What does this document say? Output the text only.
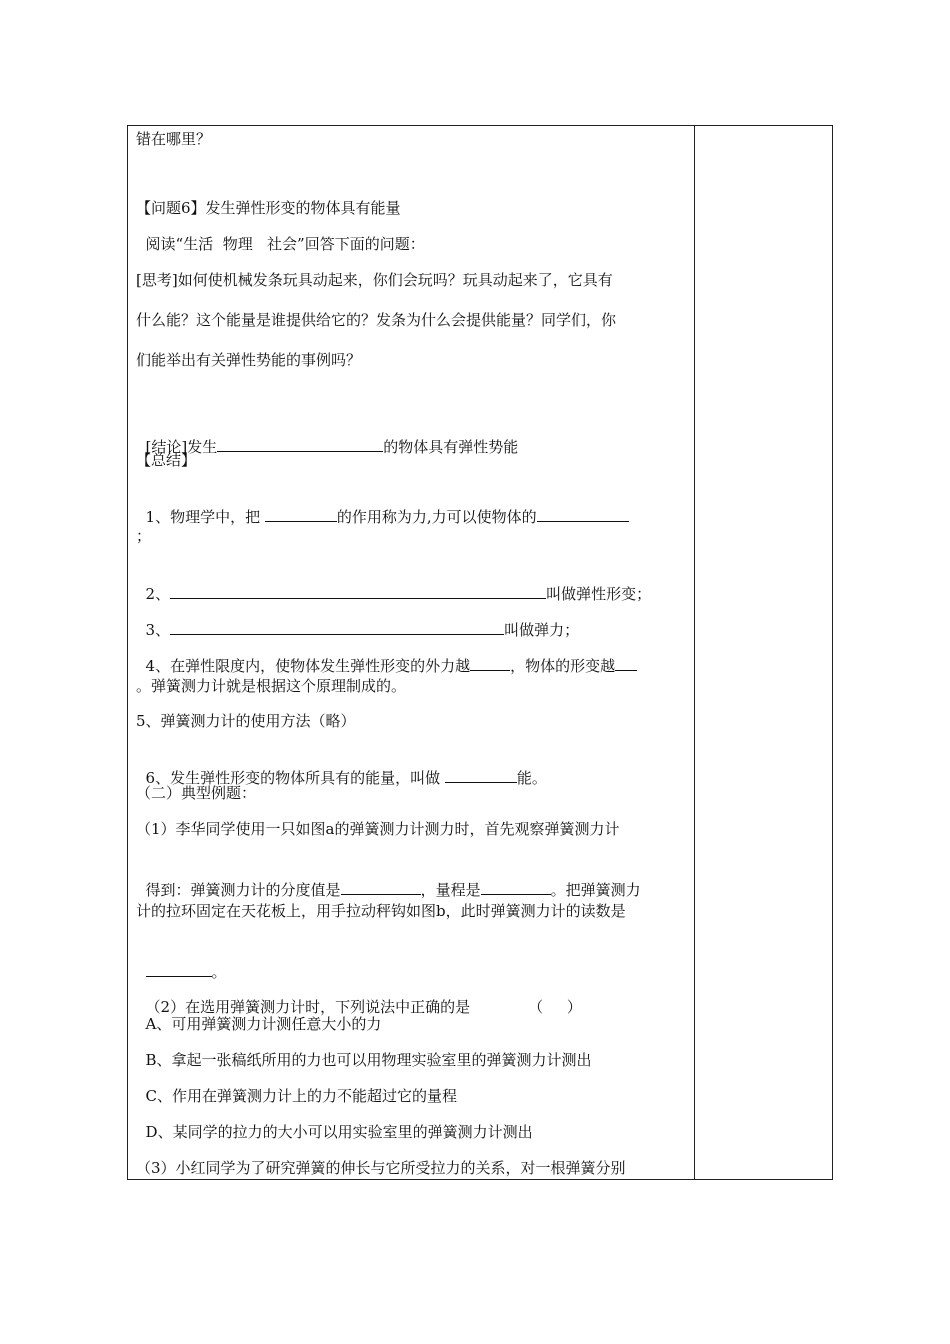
错在哪里？
【问题6】发生弹性形变的物体具有能量
阅读“生活  物理   社会”回答下面的问题：
[思考]如何使机械发条玩具动起来，你们会玩吗？玩具动起来了，它具有
什么能？这个能量是谁提供给它的？发条为什么会提供能量？同学们，你
们能举出有关弹性势能的事例吗？

[结论]发生	的物体具有弹性势能

【总结】

1、物理学中，把	的作用称为力,力可以使物体的

；

2、	叫做弹性形变；

3、	叫做弹力；

4、在弹性限度内，使物体发生弹性形变的外力越	，物体的形变越

。弹簧测力计就是根据这个原理制成的。
5、弹簧测力计的使用方法（略）

6、发生弹性形变的物体所具有的能量，叫做	能。

（二）典型例题：
（1）李华同学使用一只如图a的弹簧测力计测力时，首先观察弹簧测力计

得到：弹簧测力计的分度值是	，量程是	。把弹簧测力

计的拉环固定在天花板上，用手拉动秤钩如图b，此时弹簧测力计的读数是

。

（2）在选用弹簧测力计时，下列说法中正确的是	（     ）

A、可用弹簧测力计测任意大小的力
B、拿起一张稿纸所用的力也可以用物理实验室里的弹簧测力计测出
C、作用在弹簧测力计上的力不能超过它的量程
D、某同学的拉力的大小可以用实验室里的弹簧测力计测出
（3）小红同学为了研究弹簧的伸长与它所受拉力的关系，对一根弹簧分别
